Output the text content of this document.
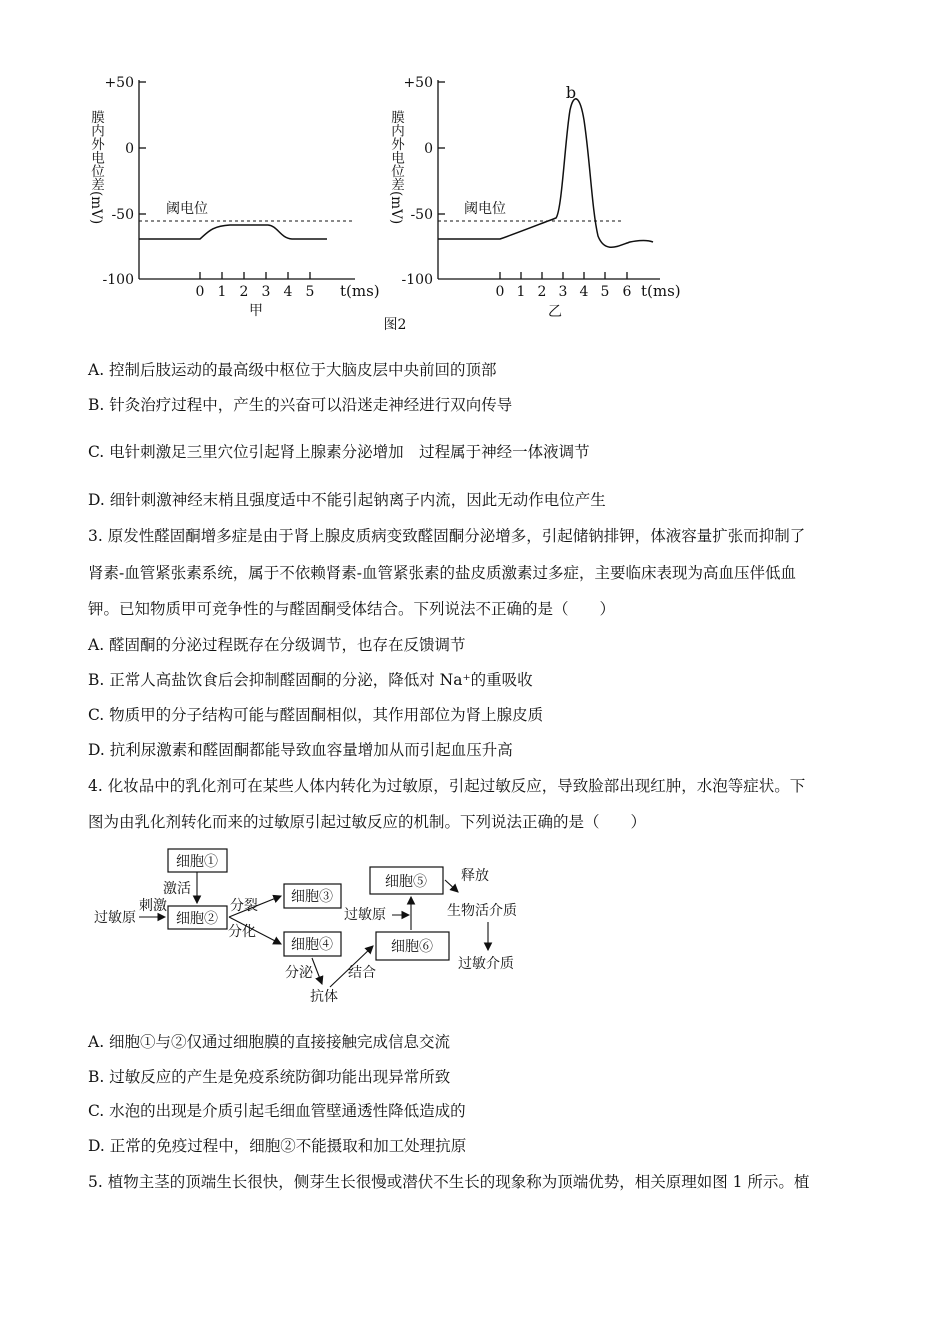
+50
0
-50
-100
0 1 2 3 4 5 t(ms)
阈电位
甲
膜内外电位差(mV)
+50
0
-50
-100
0 1 2 3 4 5 6 t(ms)
阈电位
b
乙
膜内外电位差(mV)
图2
A. 控制后肢运动的最高级中枢位于大脑皮层中央前回的顶部
B. 针灸治疗过程中，产生的兴奋可以沿迷走神经进行双向传导
C. 电针刺激足三里穴位引起肾上腺素分泌增加　过程属于神经一体液调节
D. 细针刺激神经末梢且强度适中不能引起钠离子内流，因此无动作电位产生
3. 原发性醛固酮增多症是由于肾上腺皮质病变致醛固酮分泌增多，引起储钠排钾，体液容量扩张而抑制了
肾素-血管紧张素系统，属于不依赖肾素-血管紧张素的盐皮质激素过多症，主要临床表现为高血压伴低血
钾。已知物质甲可竞争性的与醛固酮受体结合。下列说法不正确的是（　　）
A. 醛固酮的分泌过程既存在分级调节，也存在反馈调节
B. 正常人高盐饮食后会抑制醛固酮的分泌，降低对 Na⁺的重吸收
C. 物质甲的分子结构可能与醛固酮相似，其作用部位为肾上腺皮质
D. 抗利尿激素和醛固酮都能导致血容量增加从而引起血压升高
4. 化妆品中的乳化剂可在某些人体内转化为过敏原，引起过敏反应，导致脸部出现红肿，水泡等症状。下
图为由乳化剂转化而来的过敏原引起过敏反应的机制。下列说法正确的是（　　）
细胞①
细胞②
细胞③
细胞④
细胞⑤
细胞⑥
过敏原
刺激
激活
分裂
分化
分泌
抗体
结合
过敏原
释放
生物活介质
过敏介质
A. 细胞①与②仅通过细胞膜的直接接触完成信息交流
B. 过敏反应的产生是免疫系统防御功能出现异常所致
C. 水泡的出现是介质引起毛细血管壁通透性降低造成的
D. 正常的免疫过程中，细胞②不能摄取和加工处理抗原
5. 植物主茎的顶端生长很快，侧芽生长很慢或潜伏不生长的现象称为顶端优势，相关原理如图 1 所示。植
